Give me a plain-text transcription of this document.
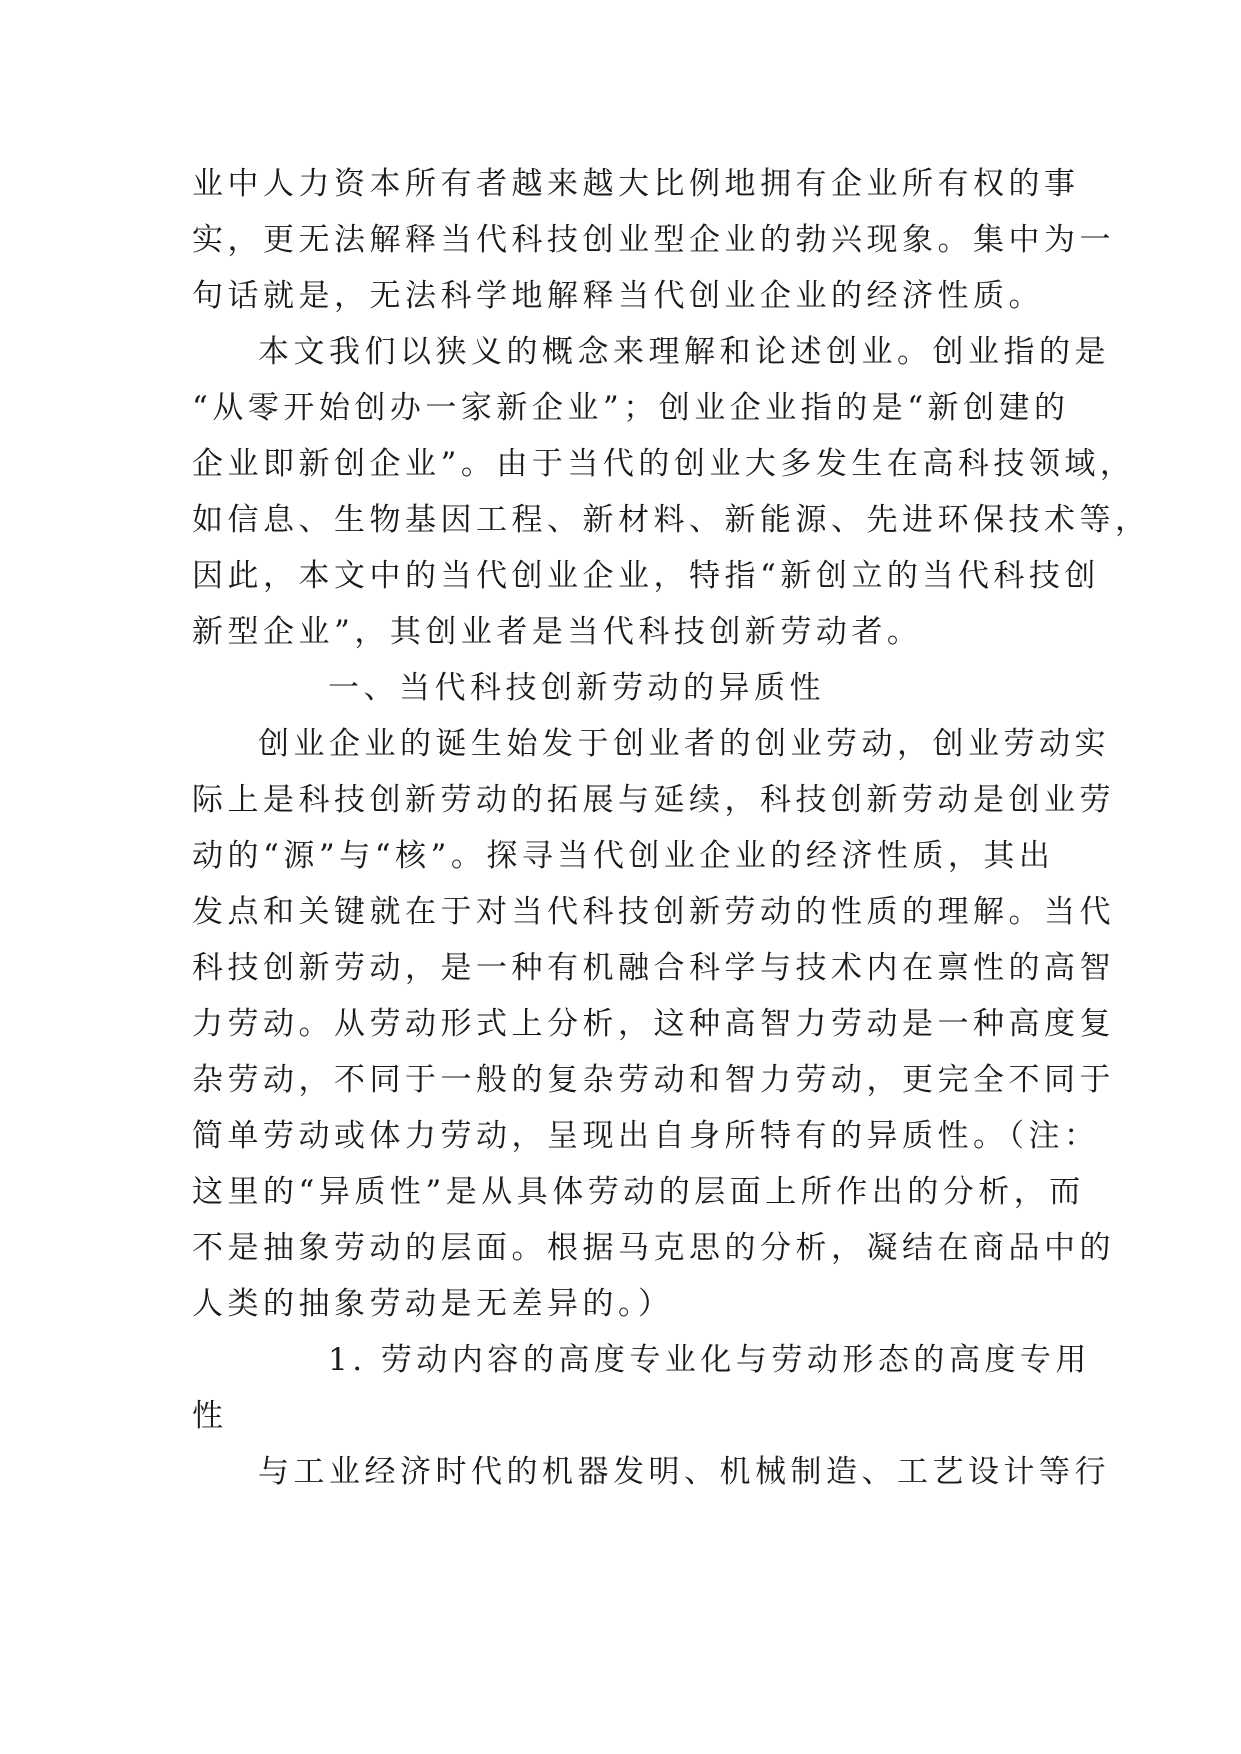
业中人力资本所有者越来越大比例地拥有企业所有权的事
实，更无法解释当代科技创业型企业的勃兴现象。集中为一
句话就是，无法科学地解释当代创业企业的经济性质。
本文我们以狭义的概念来理解和论述创业。创业指的是
“从零开始创办一家新企业”；创业企业指的是“新创建的
企业即新创企业”。由于当代的创业大多发生在高科技领域，
如信息、生物基因工程、新材料、新能源、先进环保技术等，
因此，本文中的当代创业企业，特指“新创立的当代科技创
新型企业”，其创业者是当代科技创新劳动者。
一、当代科技创新劳动的异质性
创业企业的诞生始发于创业者的创业劳动，创业劳动实
际上是科技创新劳动的拓展与延续，科技创新劳动是创业劳
动的“源”与“核”。探寻当代创业企业的经济性质，其出
发点和关键就在于对当代科技创新劳动的性质的理解。当代
科技创新劳动，是一种有机融合科学与技术内在禀性的高智
力劳动。从劳动形式上分析，这种高智力劳动是一种高度复
杂劳动，不同于一般的复杂劳动和智力劳动，更完全不同于
简单劳动或体力劳动，呈现出自身所特有的异质性。（注：
这里的“异质性”是从具体劳动的层面上所作出的分析，而
不是抽象劳动的层面。根据马克思的分析，凝结在商品中的
人类的抽象劳动是无差异的。）
1. 劳动内容的高度专业化与劳动形态的高度专用
性
与工业经济时代的机器发明、机械制造、工艺设计等行
